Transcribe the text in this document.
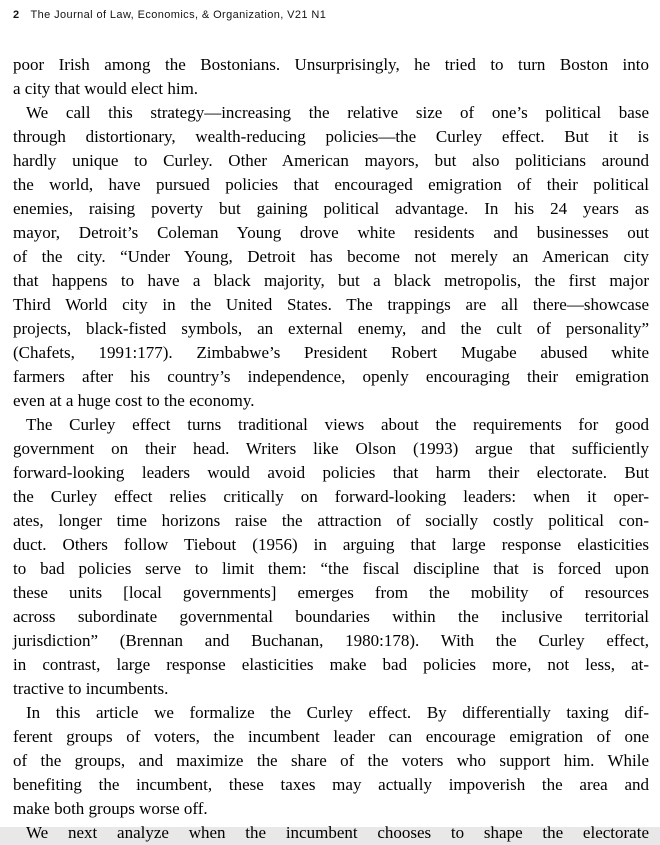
2 The Journal of Law, Economics, & Organization, V21 N1
poor Irish among the Bostonians. Unsurprisingly, he tried to turn Boston into
a city that would elect him.
We call this strategy—increasing the relative size of one’s political base
through distortionary, wealth-reducing policies—the Curley effect. But it is
hardly unique to Curley. Other American mayors, but also politicians around
the world, have pursued policies that encouraged emigration of their political
enemies, raising poverty but gaining political advantage. In his 24 years as
mayor, Detroit’s Coleman Young drove white residents and businesses out
of the city. “Under Young, Detroit has become not merely an American city
that happens to have a black majority, but a black metropolis, the first major
Third World city in the United States. The trappings are all there—showcase
projects, black-fisted symbols, an external enemy, and the cult of personality”
(Chafets, 1991:177). Zimbabwe’s President Robert Mugabe abused white
farmers after his country’s independence, openly encouraging their emigration
even at a huge cost to the economy.
The Curley effect turns traditional views about the requirements for good
government on their head. Writers like Olson (1993) argue that sufficiently
forward-looking leaders would avoid policies that harm their electorate. But
the Curley effect relies critically on forward-looking leaders: when it oper-
ates, longer time horizons raise the attraction of socially costly political con-
duct. Others follow Tiebout (1956) in arguing that large response elasticities
to bad policies serve to limit them: “the fiscal discipline that is forced upon
these units [local governments] emerges from the mobility of resources
across subordinate governmental boundaries within the inclusive territorial
jurisdiction” (Brennan and Buchanan, 1980:178). With the Curley effect,
in contrast, large response elasticities make bad policies more, not less, at-
tractive to incumbents.
In this article we formalize the Curley effect. By differentially taxing dif-
ferent groups of voters, the incumbent leader can encourage emigration of one
of the groups, and maximize the share of the voters who support him. While
benefiting the incumbent, these taxes may actually impoverish the area and
make both groups worse off.
We next analyze when the incumbent chooses to shape the electorate
